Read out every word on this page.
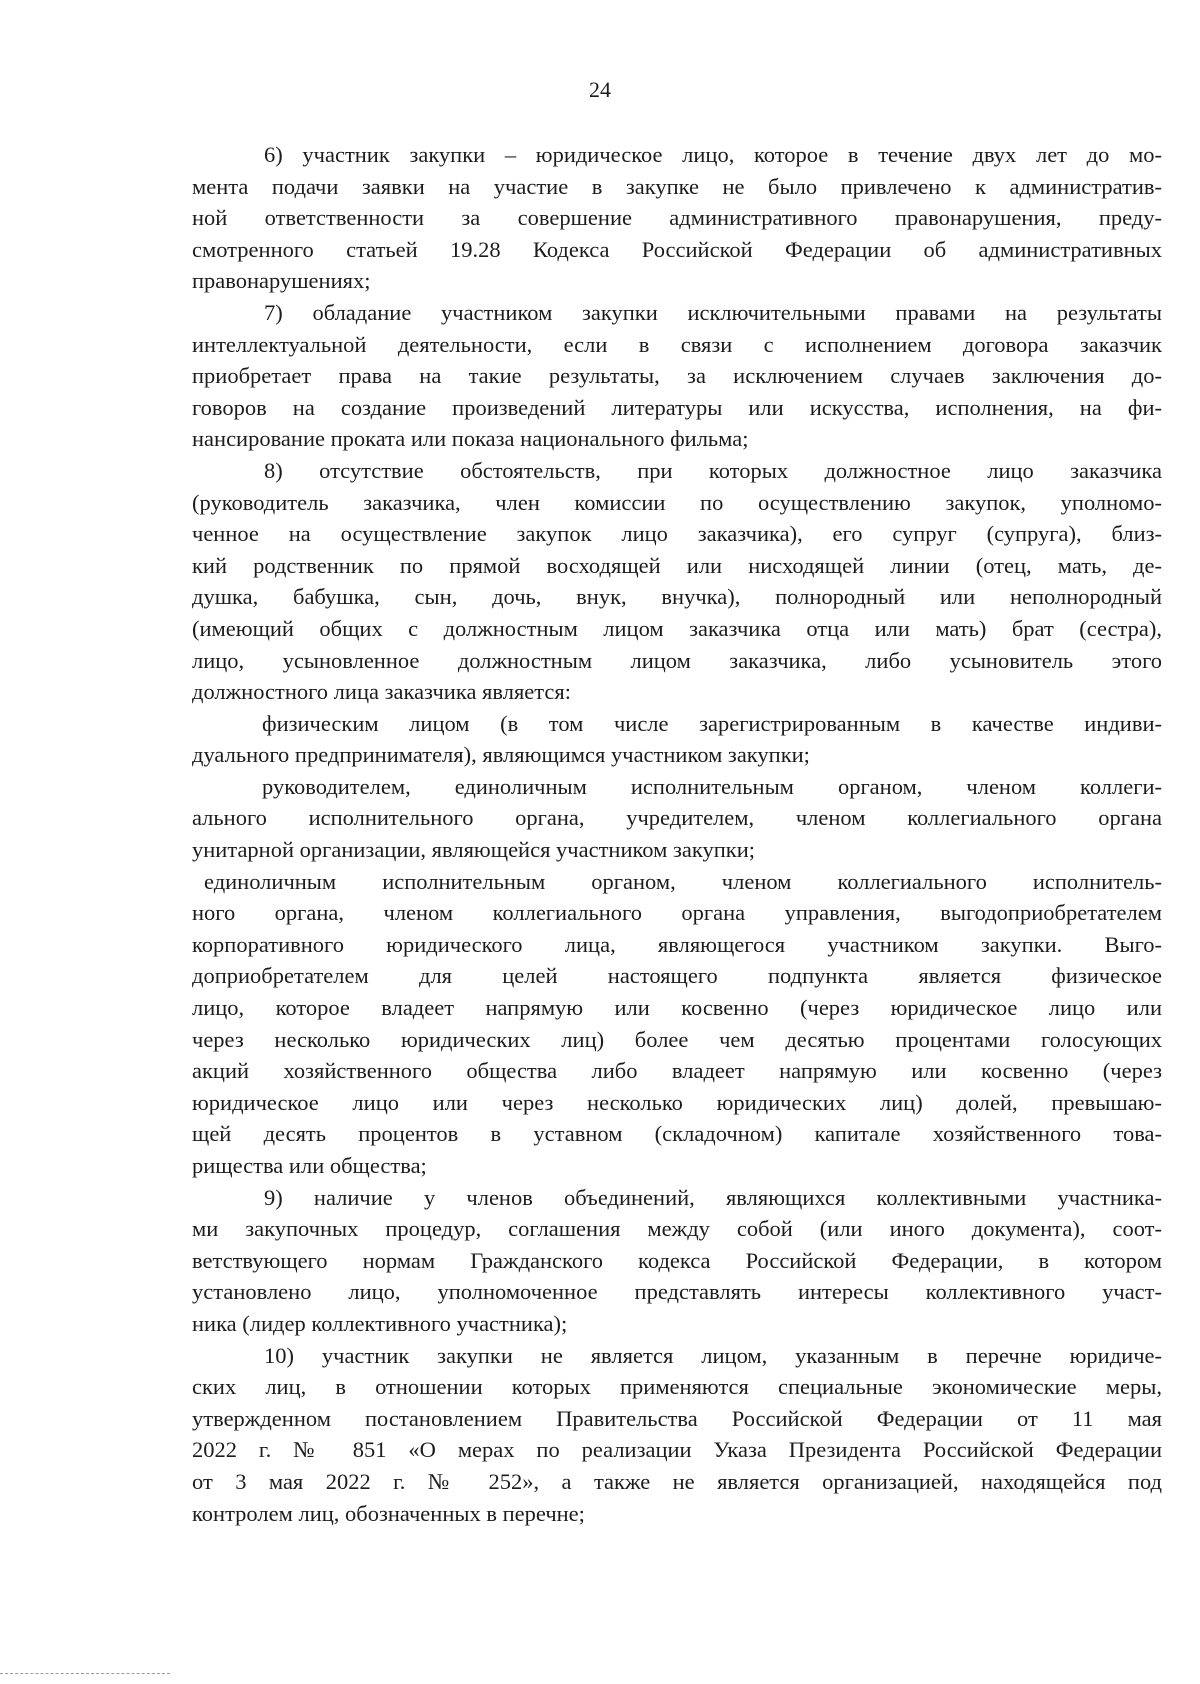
24
6) участник закупки – юридическое лицо, которое в течение двух лет до мо-
мента подачи заявки на участие в закупке не было привлечено к административ-
ной ответственности за совершение административного правонарушения, преду-
смотренного статьей 19.28 Кодекса Российской Федерации об административных
правонарушениях;
7) обладание участником закупки исключительными правами на результаты
интеллектуальной деятельности, если в связи с исполнением договора заказчик
приобретает права на такие результаты, за исключением случаев заключения до-
говоров на создание произведений литературы или искусства, исполнения, на фи-
нансирование проката или показа национального фильма;
8) отсутствие обстоятельств, при которых должностное лицо заказчика
(руководитель заказчика, член комиссии по осуществлению закупок, уполномо-
ченное на осуществление закупок лицо заказчика), его супруг (супруга), близ-
кий родственник по прямой восходящей или нисходящей линии (отец, мать, де-
душка, бабушка, сын, дочь, внук, внучка), полнородный или неполнородный
(имеющий общих с должностным лицом заказчика отца или мать) брат (сестра),
лицо, усыновленное должностным лицом заказчика, либо усыновитель этого
должностного лица заказчика является:
физическим лицом (в том числе зарегистрированным в качестве индиви-
дуального предпринимателя), являющимся участником закупки;
руководителем, единоличным исполнительным органом, членом коллеги-
ального исполнительного органа, учредителем, членом коллегиального органа
унитарной организации, являющейся участником закупки;
единоличным исполнительным органом, членом коллегиального исполнитель-
ного органа, членом коллегиального органа управления, выгодоприобретателем
корпоративного юридического лица, являющегося участником закупки. Выго-
доприобретателем для целей настоящего подпункта является физическое
лицо, которое владеет напрямую или косвенно (через юридическое лицо или
через несколько юридических лиц) более чем десятью процентами голосующих
акций хозяйственного общества либо владеет напрямую или косвенно (через
юридическое лицо или через несколько юридических лиц) долей, превышаю-
щей десять процентов в уставном (складочном) капитале хозяйственного това-
рищества или общества;
9) наличие у членов объединений, являющихся коллективными участника-
ми закупочных процедур, соглашения между собой (или иного документа), соот-
ветствующего нормам Гражданского кодекса Российской Федерации, в котором
установлено лицо, уполномоченное представлять интересы коллективного участ-
ника (лидер коллективного участника);
10) участник закупки не является лицом, указанным в перечне юридиче-
ских лиц, в отношении которых применяются специальные экономические меры,
утвержденном постановлением Правительства Российской Федерации от 11 мая
2022 г. № 851 «О мерах по реализации Указа Президента Российской Федерации
от 3 мая 2022 г. № 252», а также не является организацией, находящейся под
контролем лиц, обозначенных в перечне;
